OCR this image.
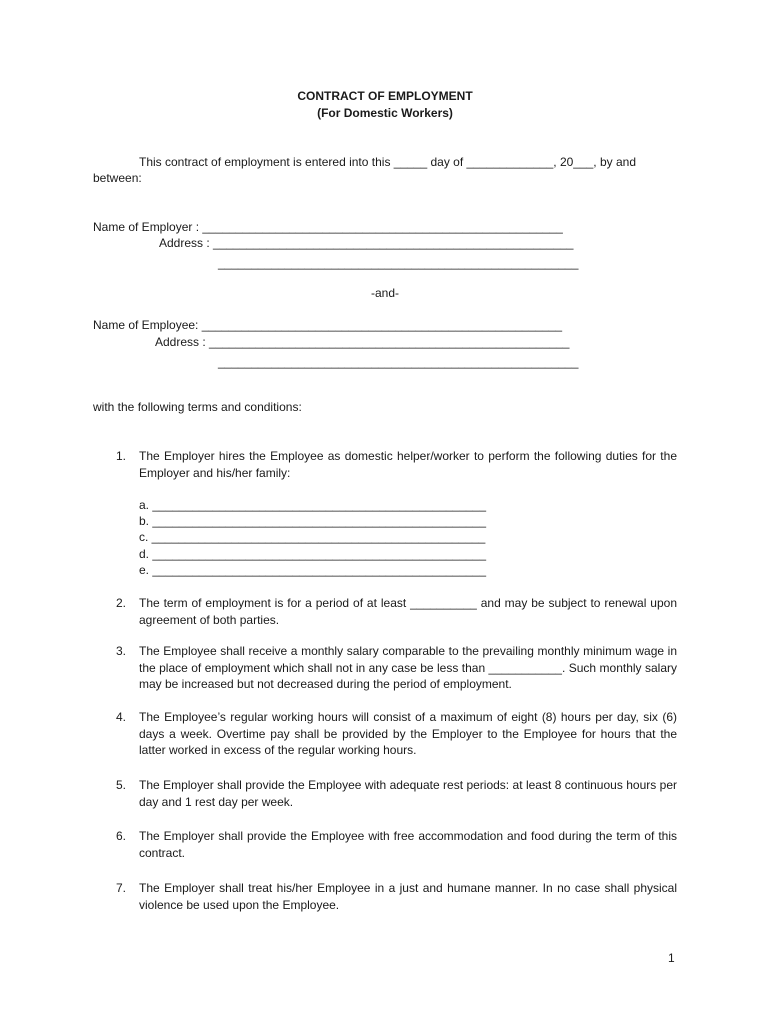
CONTRACT OF EMPLOYMENT
(For Domestic Workers)
This contract of employment is entered into this _____ day of _____________, 20___, by and
between:
Name of Employer : ______________________________________________________
Address : ______________________________________________________
______________________________________________________
-and-
Name of Employee: ______________________________________________________
Address : ______________________________________________________
______________________________________________________
with the following terms and conditions:
1. The Employer hires the Employee as domestic helper/worker to perform the following duties for the Employer and his/her family:
a. __________________________________________________
b. __________________________________________________
c. __________________________________________________
d. __________________________________________________
e. __________________________________________________
2. The term of employment is for a period of at least __________ and may be subject to renewal upon agreement of both parties.
3. The Employee shall receive a monthly salary comparable to the prevailing monthly minimum wage in the place of employment which shall not in any case be less than ___________. Such monthly salary may be increased but not decreased during the period of employment.
4. The Employee’s regular working hours will consist of a maximum of eight (8) hours per day, six (6) days a week. Overtime pay shall be provided by the Employer to the Employee for hours that the latter worked in excess of the regular working hours.
5. The Employer shall provide the Employee with adequate rest periods: at least 8 continuous hours per day and 1 rest day per week.
6. The Employer shall provide the Employee with free accommodation and food during the term of this contract.
7. The Employer shall treat his/her Employee in a just and humane manner. In no case shall physical violence be used upon the Employee.
1
